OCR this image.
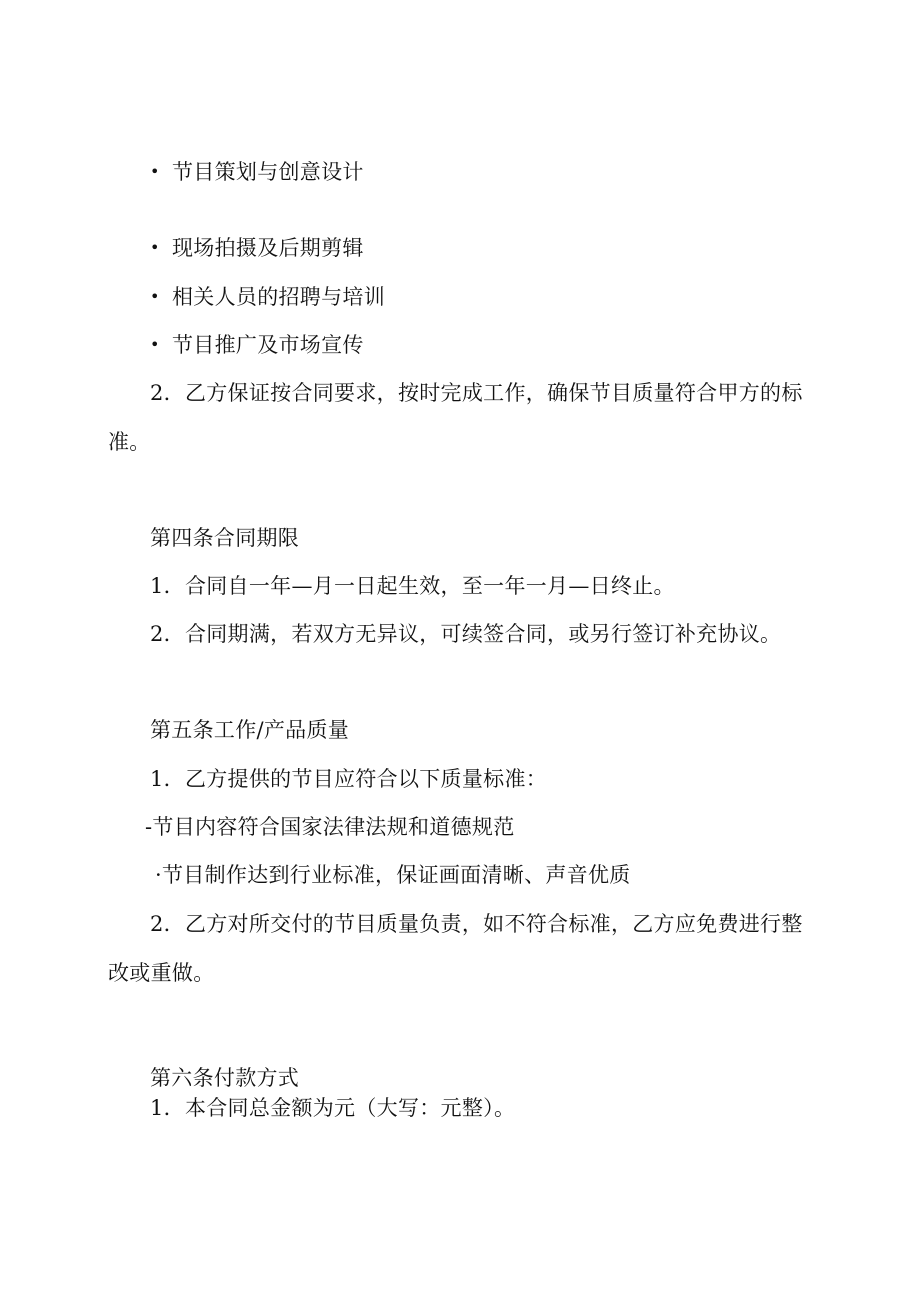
• 节目策划与创意设计
• 现场拍摄及后期剪辑
• 相关人员的招聘与培训
• 节目推广及市场宣传
2．乙方保证按合同要求，按时完成工作，确保节目质量符合甲方的标
准。
第四条合同期限
1．合同自一年—月一日起生效，至一年一月—日终止。
2．合同期满，若双方无异议，可续签合同，或另行签订补充协议。
第五条工作/产品质量
1．乙方提供的节目应符合以下质量标准：
-节目内容符合国家法律法规和道德规范
·节目制作达到行业标准，保证画面清晰、声音优质
2．乙方对所交付的节目质量负责，如不符合标准，乙方应免费进行整
改或重做。
第六条付款方式
1．本合同总金额为元（大写：元整）。
